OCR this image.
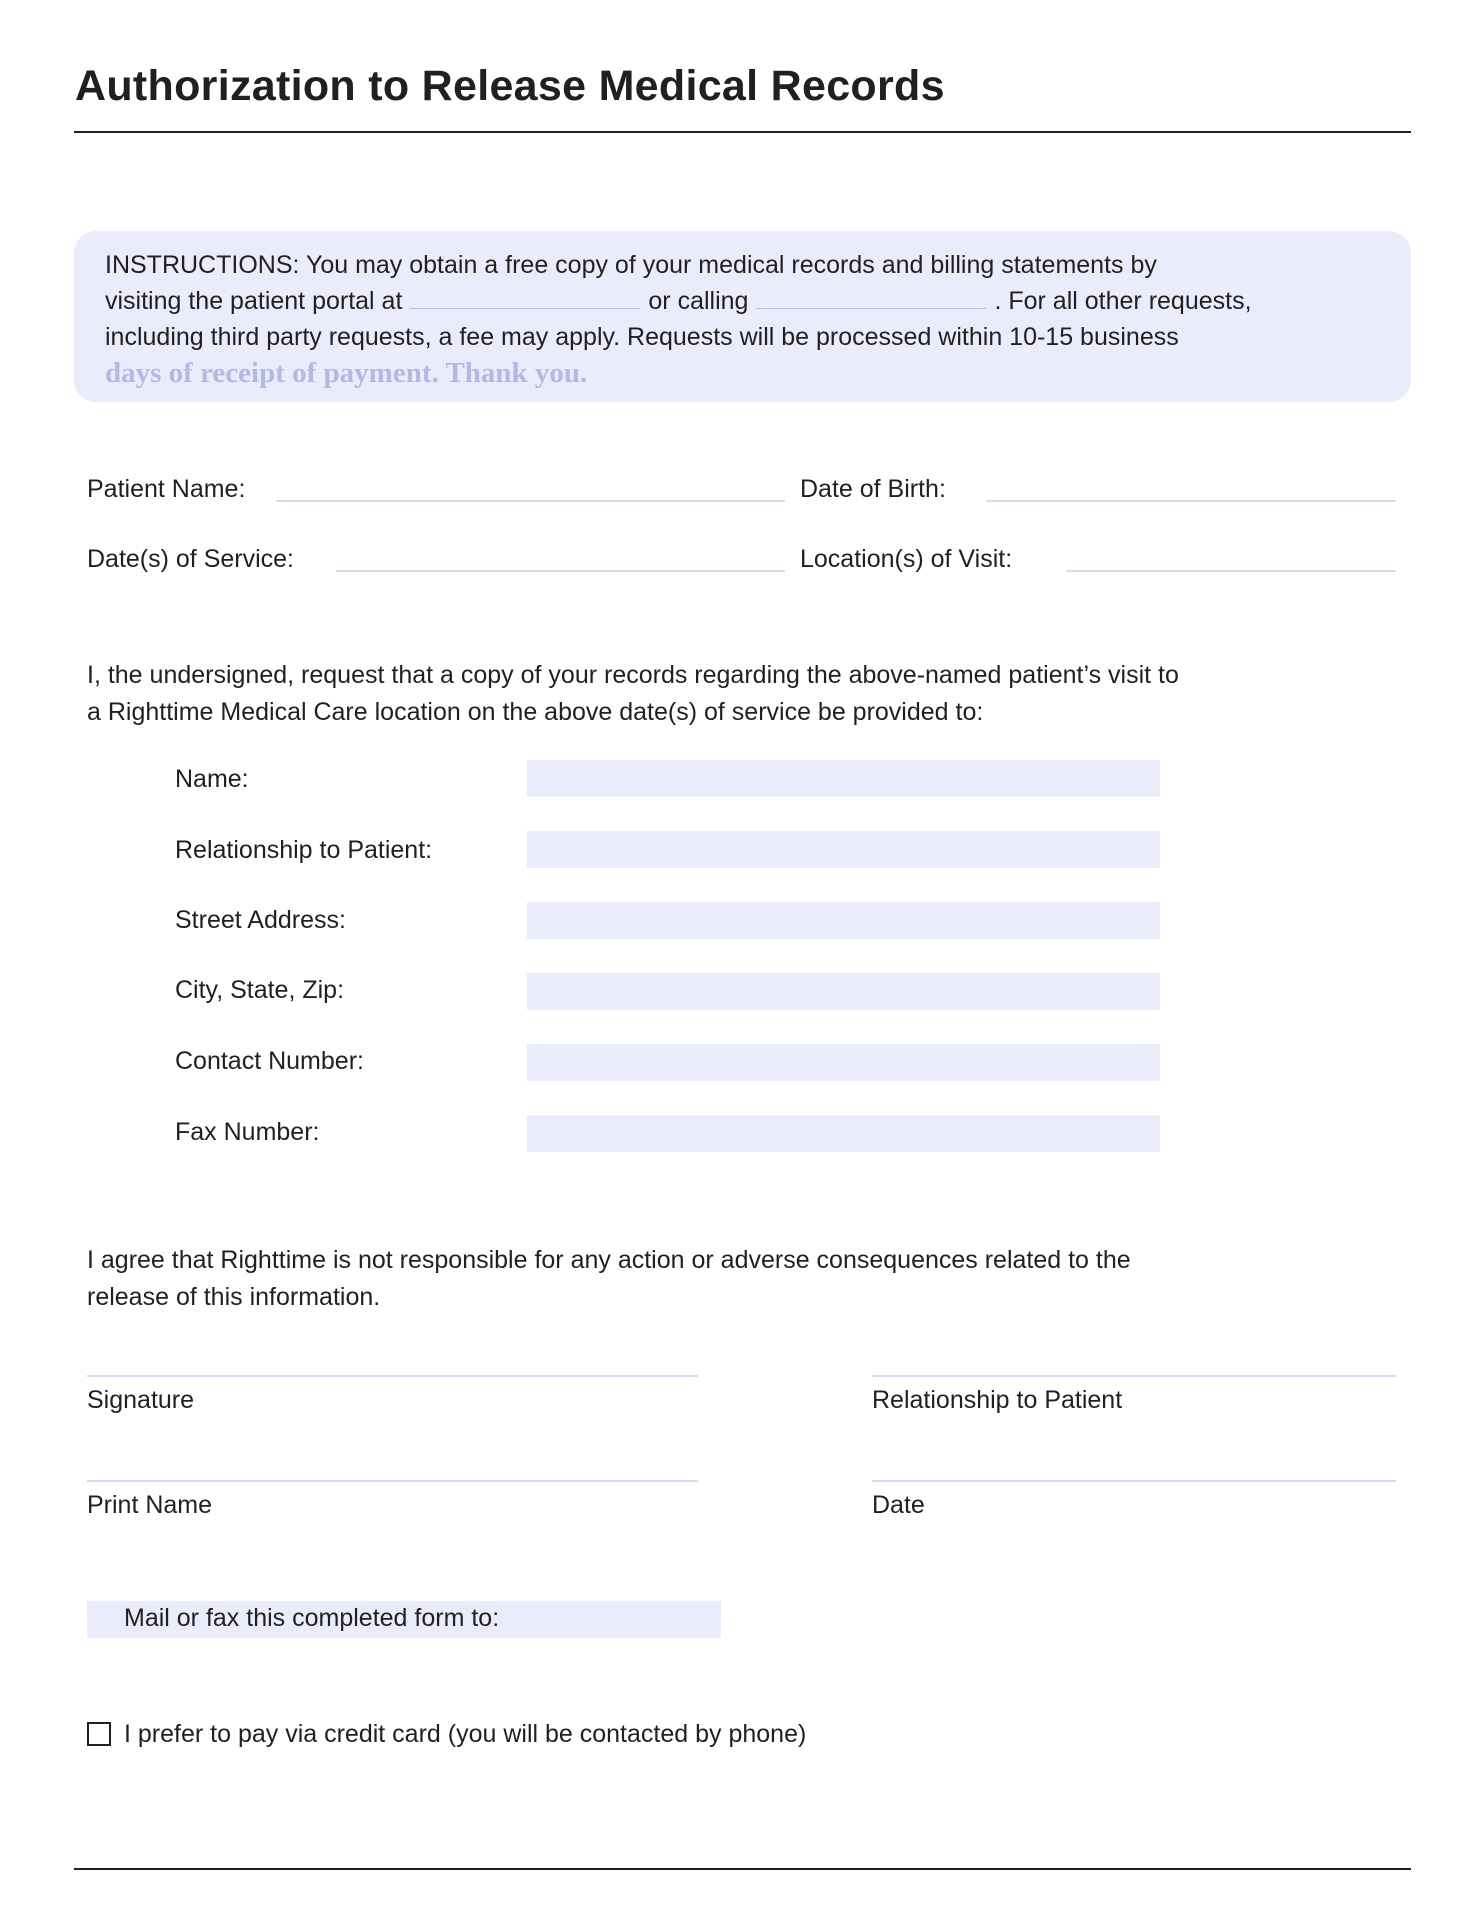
Authorization to Release Medical Records
INSTRUCTIONS: You may obtain a free copy of your medical records and billing statements by
visiting the patient portal at	or calling	. For all other requests,
including third party requests, a fee may apply. Requests will be processed within 10-15 business
days of receipt of payment. Thank you.
Patient Name:	Date of Birth:
Date(s) of Service:	Location(s) of Visit:
I, the undersigned, request that a copy of your records regarding the above-named patient’s visit to
a Righttime Medical Care location on the above date(s) of service be provided to:
Name:
Relationship to Patient:
Street Address:
City, State, Zip:
Contact Number:
Fax Number:
I agree that Righttime is not responsible for any action or adverse consequences related to the
release of this information.
Signature	Relationship to Patient
Print Name	Date
Mail or fax this completed form to:
I prefer to pay via credit card (you will be contacted by phone)
